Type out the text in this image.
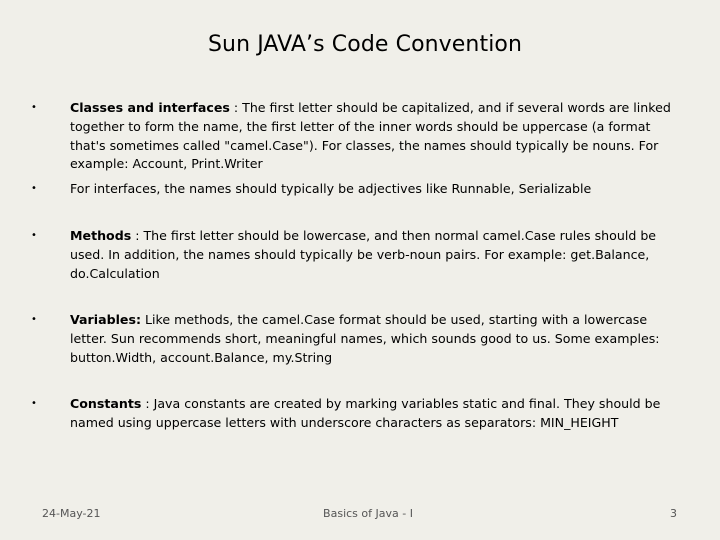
Sun JAVA’s Code Convention
•	Classes and interfaces : The first letter should be capitalized, and if several words are linked together to form the name, the first letter of the inner words should be uppercase (a format that's sometimes called "camel.Case"). For classes, the names should typically be nouns. For example: Account, Print.Writer
•	For interfaces, the names should typically be adjectives like Runnable, Serializable
•	Methods : The first letter should be lowercase, and then normal camel.Case rules should be used. In addition, the names should typically be verb-noun pairs. For example: get.Balance, do.Calculation
•	Variables: Like methods, the camel.Case format should be used, starting with a lowercase letter. Sun recommends short, meaningful names, which sounds good to us. Some examples: button.Width, account.Balance, my.String
•	Constants : Java constants are created by marking variables static and final. They should be named using uppercase letters with underscore characters as separators: MIN_HEIGHT
24-May-21	Basics of Java - I	3
